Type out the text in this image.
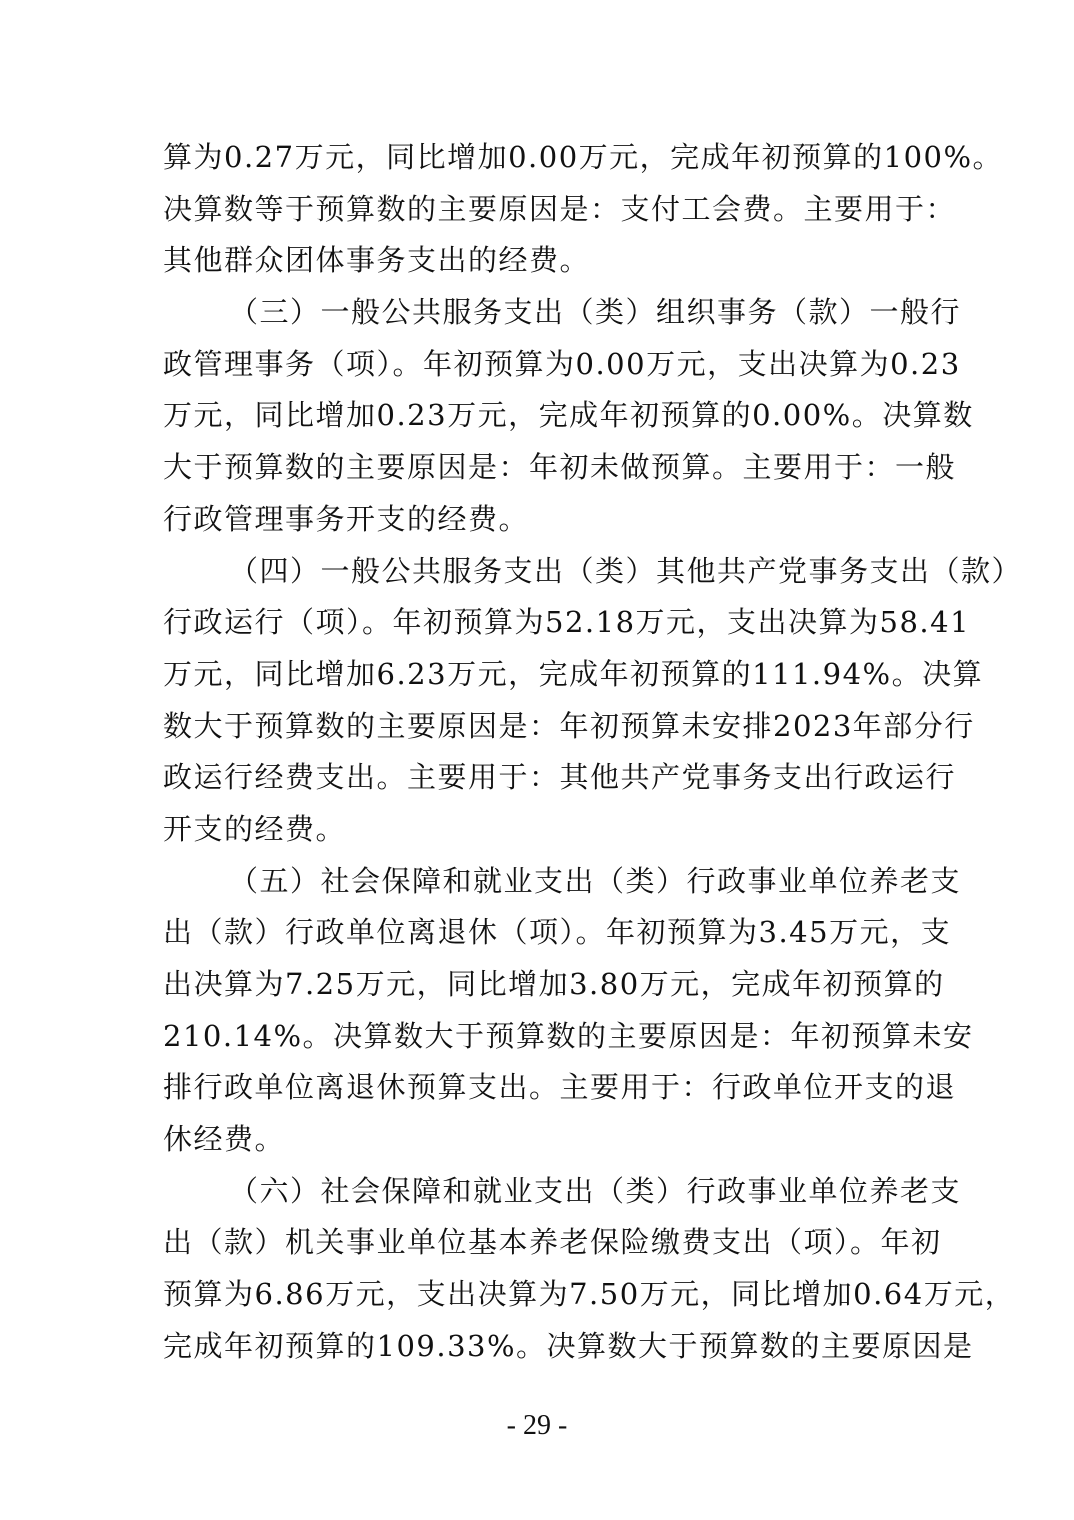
算为0.27万元，同比增加0.00万元，完成年初预算的100%。
决算数等于预算数的主要原因是：支付工会费。主要用于：
其他群众团体事务支出的经费。
（三）一般公共服务支出（类）组织事务（款）一般行
政管理事务（项）。年初预算为0.00万元，支出决算为0.23
万元，同比增加0.23万元，完成年初预算的0.00%。决算数
大于预算数的主要原因是：年初未做预算。主要用于：一般
行政管理事务开支的经费。
（四）一般公共服务支出（类）其他共产党事务支出（款）
行政运行（项）。年初预算为52.18万元，支出决算为58.41
万元，同比增加6.23万元，完成年初预算的111.94%。决算
数大于预算数的主要原因是：年初预算未安排2023年部分行
政运行经费支出。主要用于：其他共产党事务支出行政运行
开支的经费。
（五）社会保障和就业支出（类）行政事业单位养老支
出（款）行政单位离退休（项）。年初预算为3.45万元，支
出决算为7.25万元，同比增加3.80万元，完成年初预算的
210.14%。决算数大于预算数的主要原因是：年初预算未安
排行政单位离退休预算支出。主要用于：行政单位开支的退
休经费。
（六）社会保障和就业支出（类）行政事业单位养老支
出（款）机关事业单位基本养老保险缴费支出（项）。年初
预算为6.86万元，支出决算为7.50万元，同比增加0.64万元，
完成年初预算的109.33%。决算数大于预算数的主要原因是
- 29 -
